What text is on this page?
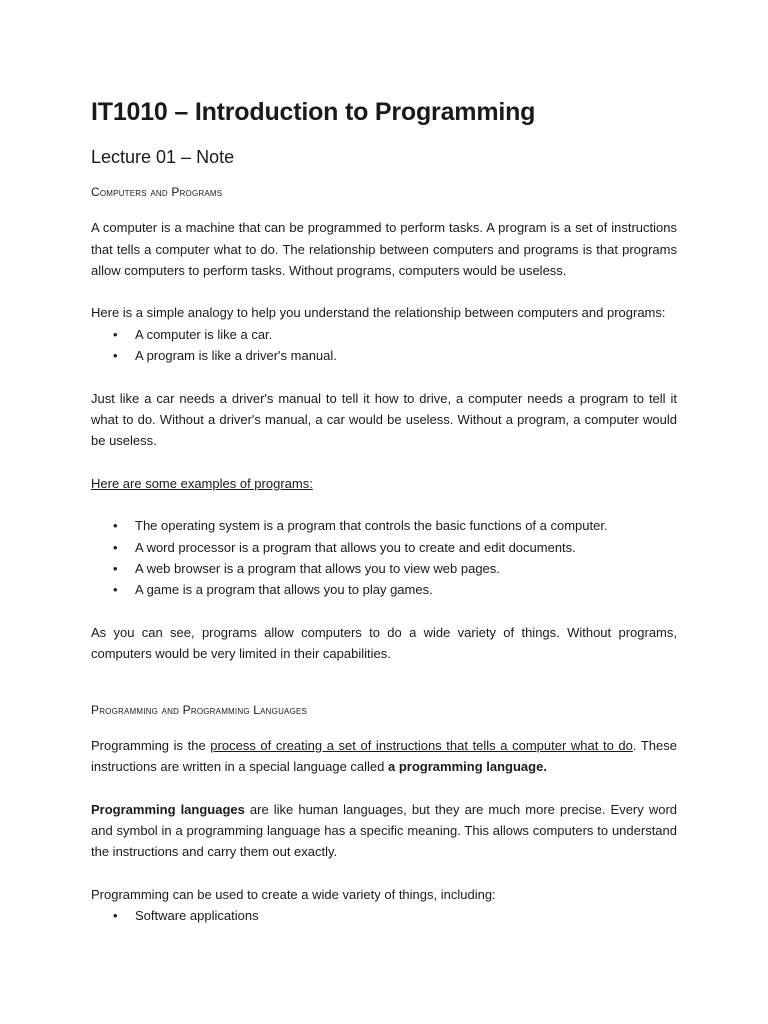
IT1010 – Introduction to Programming
Lecture 01 – Note
Computers and Programs

A computer is a machine that can be programmed to perform tasks. A program is a set of instructions that tells a computer what to do. The relationship between computers and programs is that programs allow computers to perform tasks. Without programs, computers would be useless.

Here is a simple analogy to help you understand the relationship between computers and programs:

• A computer is like a car.
• A program is like a driver's manual.

Just like a car needs a driver's manual to tell it how to drive, a computer needs a program to tell it what to do. Without a driver's manual, a car would be useless. Without a program, a computer would be useless.

Here are some examples of programs:

• The operating system is a program that controls the basic functions of a computer.
• A word processor is a program that allows you to create and edit documents.
• A web browser is a program that allows you to view web pages.
• A game is a program that allows you to play games.

As you can see, programs allow computers to do a wide variety of things. Without programs, computers would be very limited in their capabilities.

Programming and Programming Languages

Programming is the process of creating a set of instructions that tells a computer what to do. These instructions are written in a special language called a programming language.

Programming languages are like human languages, but they are much more precise. Every word and symbol in a programming language has a specific meaning. This allows computers to understand the instructions and carry them out exactly.

Programming can be used to create a wide variety of things, including:

• Software applications
